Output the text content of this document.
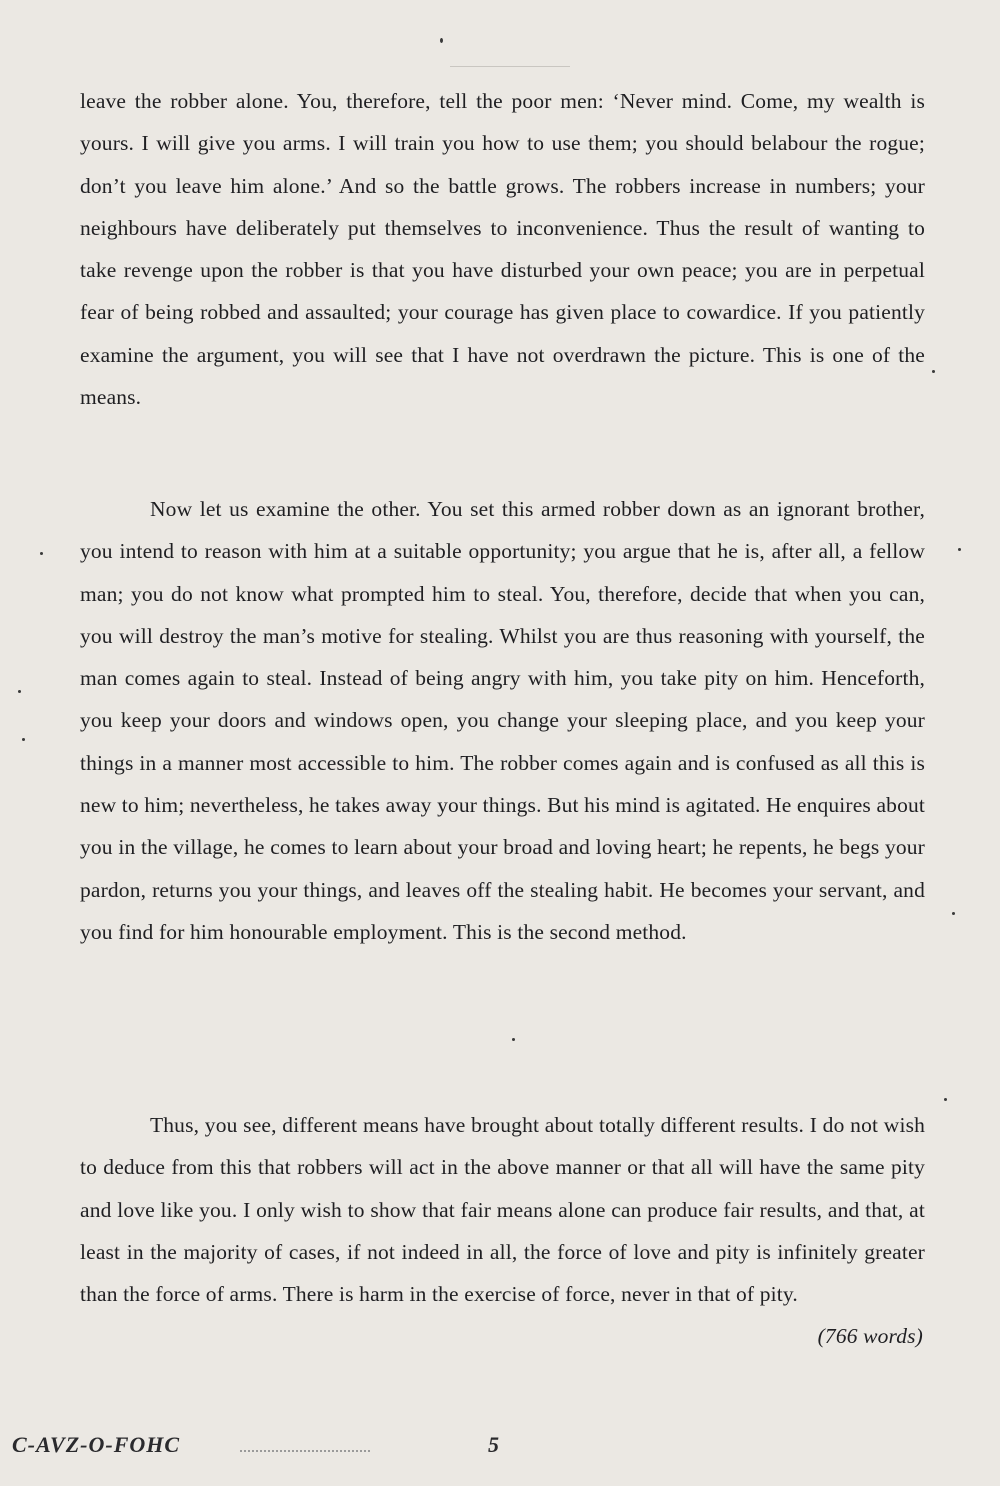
leave the robber alone. You, therefore, tell the poor men: ‘Never mind. Come, my wealth is yours. I will give you arms. I will train you how to use them; you should belabour the rogue; don’t you leave him alone.’ And so the battle grows. The robbers increase in numbers; your neighbours have deliberately put themselves to inconvenience. Thus the result of wanting to take revenge upon the robber is that you have disturbed your own peace; you are in perpetual fear of being robbed and assaulted; your courage has given place to cowardice. If you patiently examine the argument, you will see that I have not overdrawn the picture. This is one of the means.

Now let us examine the other. You set this armed robber down as an ignorant brother, you intend to reason with him at a suitable opportunity; you argue that he is, after all, a fellow man; you do not know what prompted him to steal. You, therefore, decide that when you can, you will destroy the man’s motive for stealing. Whilst you are thus reasoning with yourself, the man comes again to steal. Instead of being angry with him, you take pity on him. Henceforth, you keep your doors and windows open, you change your sleeping place, and you keep your things in a manner most accessible to him. The robber comes again and is confused as all this is new to him; nevertheless, he takes away your things. But his mind is agitated. He enquires about you in the village, he comes to learn about your broad and loving heart; he repents, he begs your pardon, returns you your things, and leaves off the stealing habit. He becomes your servant, and you find for him honourable employment. This is the second method.

Thus, you see, different means have brought about totally different results. I do not wish to deduce from this that robbers will act in the above manner or that all will have the same pity and love like you. I only wish to show that fair means alone can produce fair results, and that, at least in the majority of cases, if not indeed in all, the force of love and pity is infinitely greater than the force of arms. There is harm in the exercise of force, never in that of pity.
(766 words)

C-AVZ-O-FOHC	5
